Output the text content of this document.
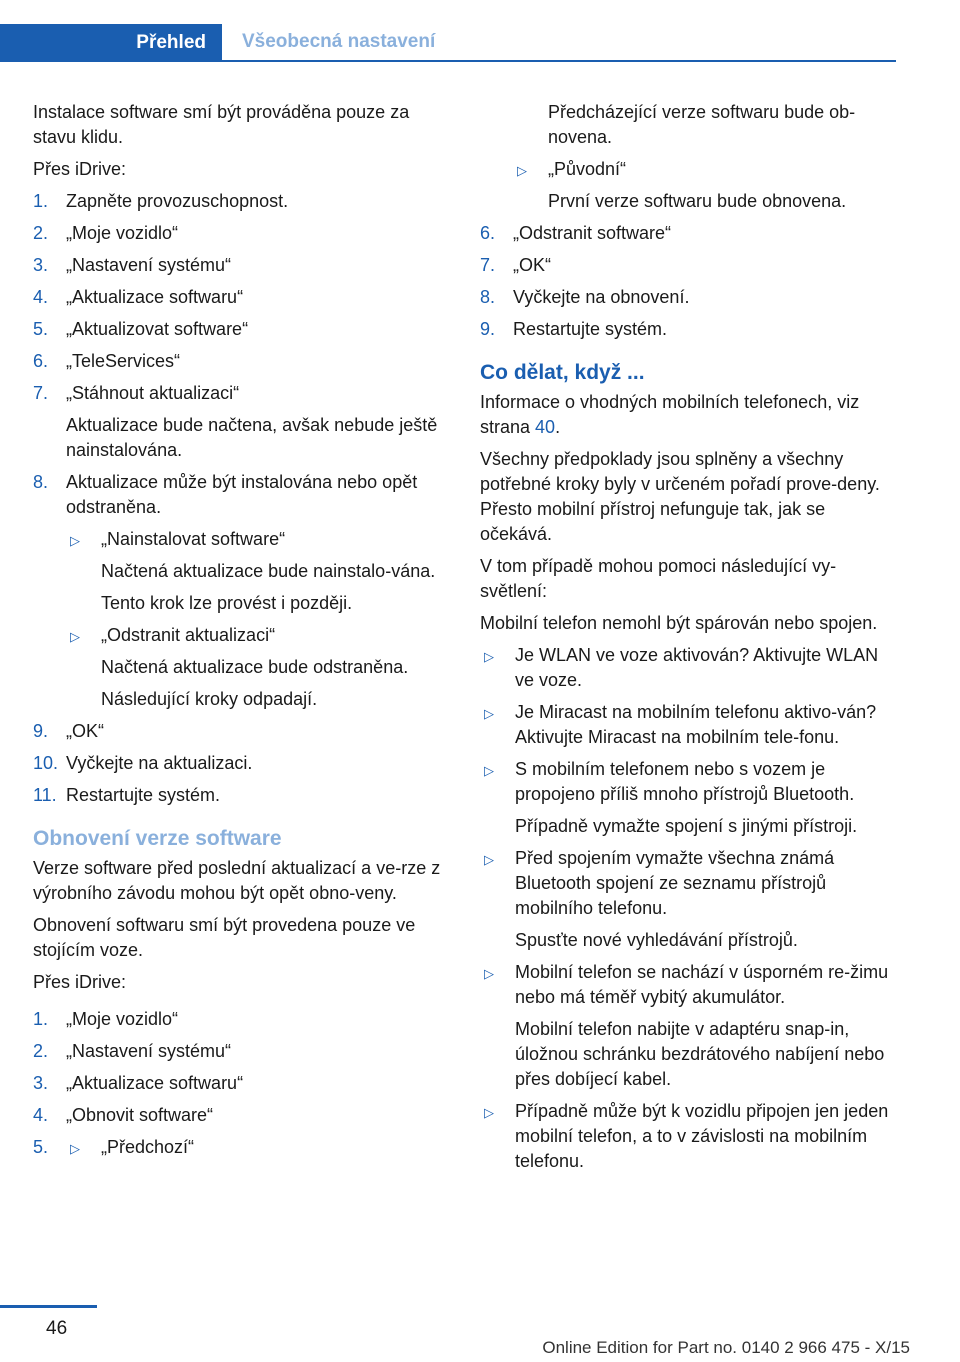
Přehled	Všeobecná nastavení

Instalace software smí být prováděna pouze za stavu klidu.

Přes iDrive:

1. Zapněte provozuschopnost.
2. „Moje vozidlo“
3. „Nastavení systému“
4. „Aktualizace softwaru“
5. „Aktualizovat software“
6. „TeleServices“
7. „Stáhnout aktualizaci“
Aktualizace bude načtena, avšak nebude ještě nainstalována.
8. Aktualizace může být instalována nebo opět odstraněna.
▷ „Nainstalovat software“
Načtená aktualizace bude nainstalo‐vána.
Tento krok lze provést i později.
▷ „Odstranit aktualizaci“
Načtená aktualizace bude odstraněna.
Následující kroky odpadají.
9. „OK“
10. Vyčkejte na aktualizaci.
11. Restartujte systém.
Obnovení verze software

Verze software před poslední aktualizací a ve‐rze z výrobního závodu mohou být opět obno‐veny.

Obnovení softwaru smí být provedena pouze ve stojícím voze.

Přes iDrive:

1. „Moje vozidlo“
2. „Nastavení systému“
3. „Aktualizace softwaru“
4. „Obnovit software“
5. ▷ „Předchozí“
Předcházející verze softwaru bude ob‐novena.
▷ „Původní“
První verze softwaru bude obnovena.
6. „Odstranit software“
7. „OK“
8. Vyčkejte na obnovení.
9. Restartujte systém.
Co dělat, když ...

Informace o vhodných mobilních telefonech, viz strana 40.

Všechny předpoklady jsou splněny a všechny potřebné kroky byly v určeném pořadí prove‐deny. Přesto mobilní přístroj nefunguje tak, jak se očekává.

V tom případě mohou pomoci následující vy‐světlení:

Mobilní telefon nemohl být spárován nebo spojen.

▷ Je WLAN ve voze aktivován? Aktivujte WLAN ve voze.
▷ Je Miracast na mobilním telefonu aktivo‐ván? Aktivujte Miracast na mobilním tele‐fonu.
▷ S mobilním telefonem nebo s vozem je propojeno příliš mnoho přístrojů Bluetooth.
Případně vymažte spojení s jinými přístroji.
▷ Před spojením vymažte všechna známá Bluetooth spojení ze seznamu přístrojů mobilního telefonu.
Spusťte nové vyhledávání přístrojů.
▷ Mobilní telefon se nachází v úsporném re‐žimu nebo má téměř vybitý akumulátor.
Mobilní telefon nabijte v adaptéru snap-in, úložnou schránku bezdrátového nabíjení nebo přes dobíjecí kabel.
▷ Případně může být k vozidlu připojen jen jeden mobilní telefon, a to v závislosti na mobilním telefonu.
46
Online Edition for Part no. 0140 2 966 475 - X/15
